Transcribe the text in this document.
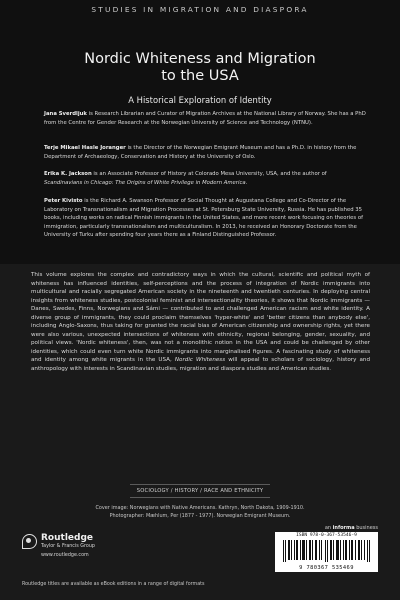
STUDIES IN MIGRATION AND DIASPORA
Nordic Whiteness and Migration
to the USA
A Historical Exploration of Identity
Jana Sverdljuk is Research Librarian and Curator of Migration Archives at the National Library of Norway. She has a PhD from the Centre for Gender Research at the Norwegian University of Science and Technology (NTNU).
Terje Mikael Hasle Joranger is the Director of the Norwegian Emigrant Museum and has a Ph.D. in history from the Department of Archaeology, Conservation and History at the University of Oslo.
Erika K. Jackson is an Associate Professor of History at Colorado Mesa University, USA, and the author of Scandinavians in Chicago: The Origins of White Privilege in Modern America.
Peter Kivisto is the Richard A. Swanson Professor of Social Thought at Augustana College and Co-Director of the Laboratory on Transnationalism and Migration Processes at St. Petersburg State University, Russia. He has published 35 books, including works on radical Finnish immigrants in the United States, and more recent work focusing on theories of immigration, particularly transnationalism and multiculturalism. In 2013, he received an Honorary Doctorate from the University of Turku after spending four years there as a Finland Distinguished Professor.
This volume explores the complex and contradictory ways in which the cultural, scientific and political myth of whiteness has influenced identities, self-perceptions and the process of integration of Nordic immigrants into multicultural and racially segregated American society in the nineteenth and twentieth centuries. In deploying central insights from whiteness studies, postcolonial feminist and intersectionality theories, it shows that Nordic immigrants — Danes, Swedes, Finns, Norwegians and Sámi — contributed to and challenged American racism and white identity. A diverse group of immigrants, they could proclaim themselves 'hyper-white' and 'better citizens than anybody else', including Anglo-Saxons, thus taking for granted the racial bias of American citizenship and ownership rights, yet there were also various, unexpected intersections of whiteness with ethnicity, regional belonging, gender, sexuality, and political views. 'Nordic whiteness', then, was not a monolithic notion in the USA and could be challenged by other identities, which could even turn white Nordic immigrants into marginalised figures. A fascinating study of whiteness and identity among white migrants in the USA, Nordic Whiteness will appeal to scholars of sociology, history and anthropology with interests in Scandinavian studies, migration and diaspora studies and American studies.
SOCIOLOGY / HISTORY / RACE AND ETHNICITY
Cover image: Norwegians with Native Americans. Kathryn, North Dakota, 1909-1910.
Photographer: Mæhlum, Per (1877 - 1977). Norwegian Emigrant Museum.
Routledge
Taylor & Francis Group
www.routledge.com
an informa business
ISBN 978-0-367-53546-9
9 780367 535469
Routledge titles are available as eBook editions in a range of digital formats
